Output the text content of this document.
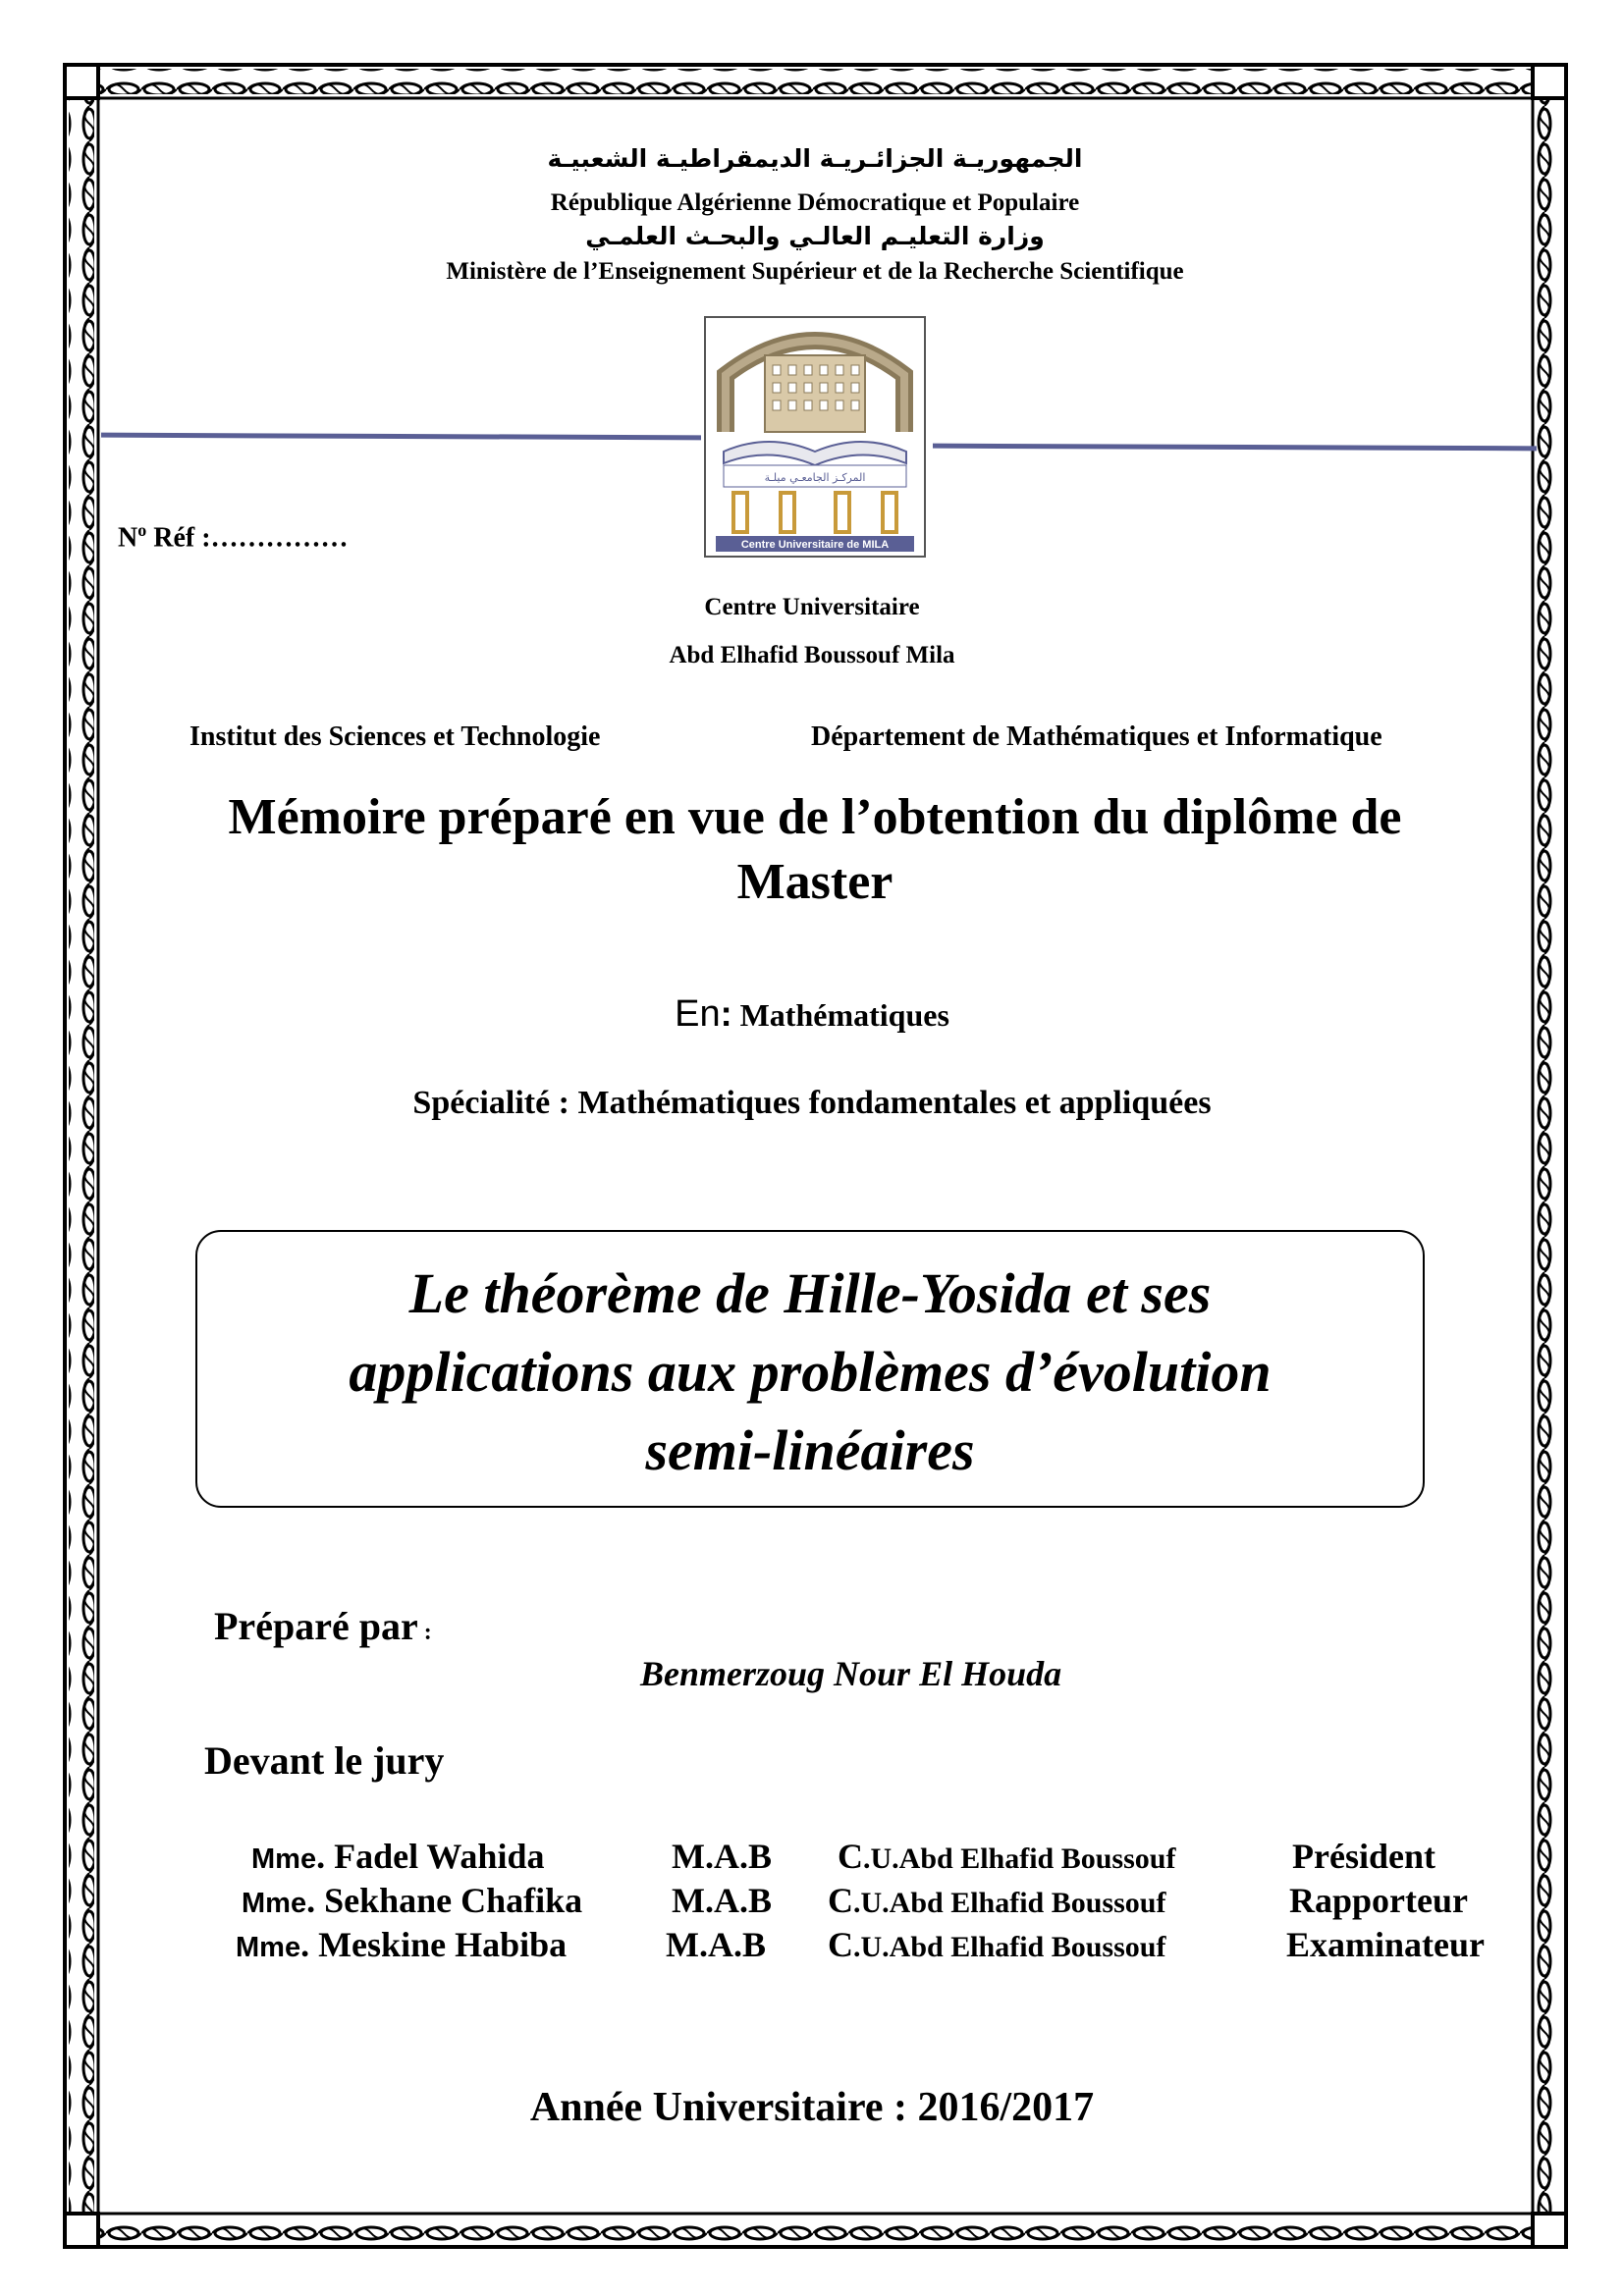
الجمهوريـة الجزائـريـة الديمقراطيـة الشعبيـة
République Algérienne Démocratique et Populaire
وزارة التعليـم العالـي والبحـث العلمـي
Ministère de l’Enseignement Supérieur et de la Recherche Scientifique
المركـز الجامعـي ميلـة
Centre Universitaire de MILA
$N^o$ Réf :……………
Centre Universitaire
Abd Elhafid Boussouf Mila
Institut des Sciences et Technologie	Département de Mathématiques et Informatique
Mémoire préparé en vue de l’obtention du diplôme de
Master
En: Mathématiques
Spécialité : Mathématiques fondamentales et appliquées
Le théorème de Hille-Yosida et ses
applications aux problèmes d’évolution
semi-linéaires
Préparé par :
Benmerzoug Nour El Houda
Devant le jury
Mme. Fadel Wahida	M.A.B C.U.Abd Elhafid Boussouf	Président
Mme. Sekhane Chafika	M.A.B C.U.Abd Elhafid Boussouf	Rapporteur
Mme. Meskine Habiba	M.A.B C.U.Abd Elhafid Boussouf	Examinateur
Année Universitaire : 2016/2017
